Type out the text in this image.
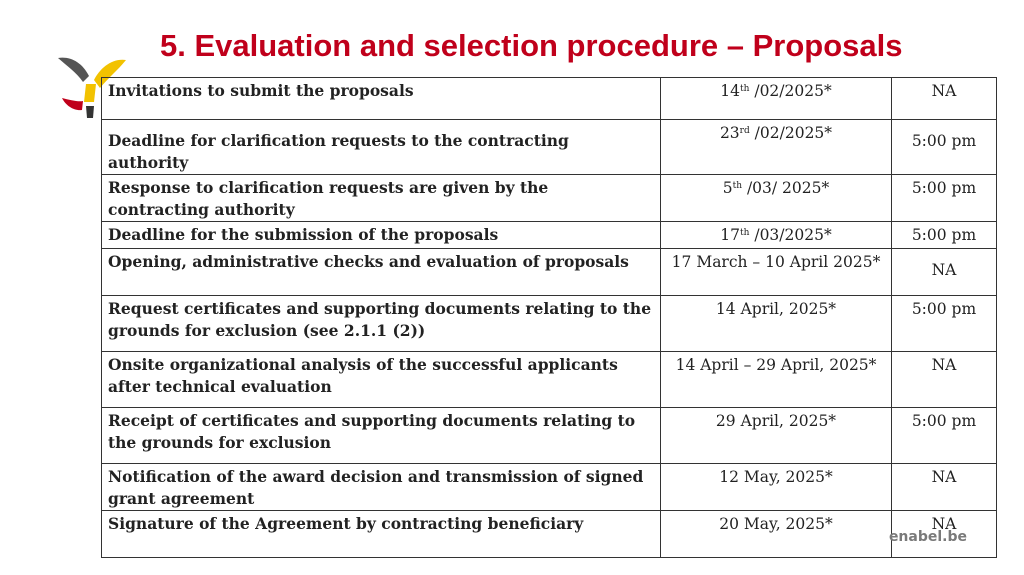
5. Evaluation and selection procedure – Proposals
Invitations to submit the proposals	14th /02/2025*	NA
Deadline for clarification requests to the contracting authority	23rd /02/2025*	5:00 pm
Response to clarification requests are given by the contracting authority	5th /03/ 2025*	5:00 pm
Deadline for the submission of the proposals	17th /03/2025*	5:00 pm
Opening, administrative checks and evaluation of proposals	17 March – 10 April 2025*	NA
Request certificates and supporting documents relating to the grounds for exclusion (see 2.1.1 (2))	14 April, 2025*	5:00 pm
Onsite organizational analysis of the successful applicants after technical evaluation	14 April – 29 April, 2025*	NA
Receipt of certificates and supporting documents relating to the grounds for exclusion	29 April, 2025*	5:00 pm
Notification of the award decision and transmission of signed grant agreement	12 May, 2025*	NA
Signature of the Agreement by contracting beneficiary	20 May, 2025*	NA
enabel.be
